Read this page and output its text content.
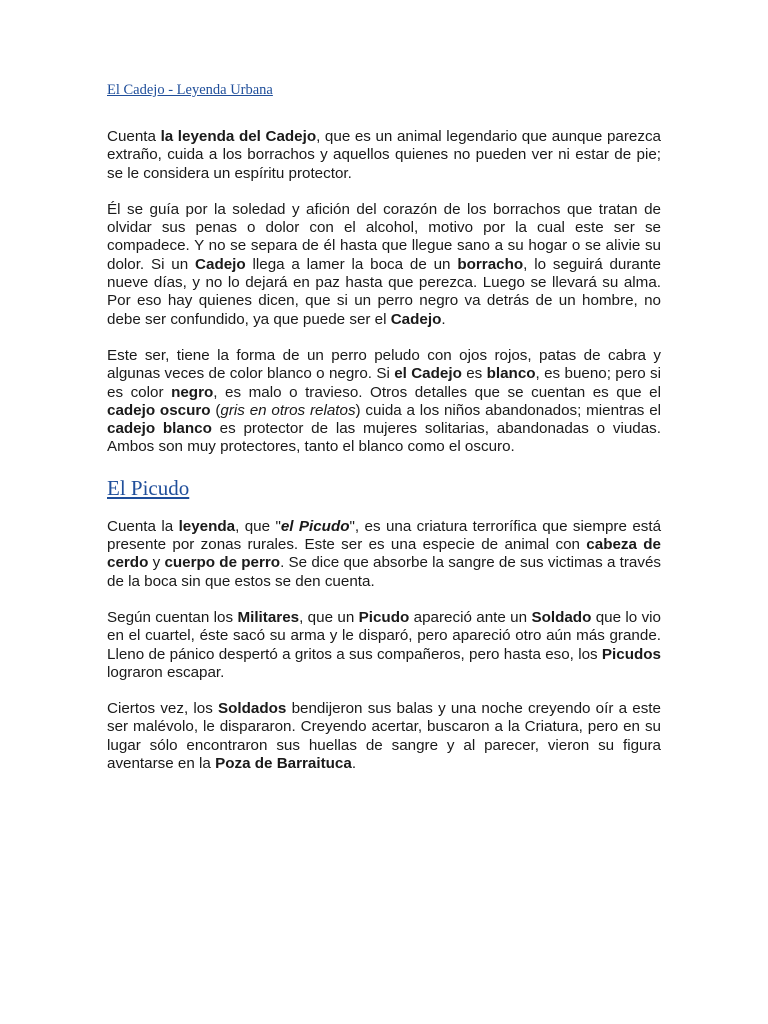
El Cadejo - Leyenda Urbana

Cuenta la leyenda del Cadejo, que es un animal legendario que aunque parezca extraño, cuida a los borrachos y aquellos quienes no pueden ver ni estar de pie; se le considera un espíritu protector.

Él se guía por la soledad y afición del corazón de los borrachos que tratan de olvidar sus penas o dolor con el alcohol, motivo por la cual este ser se compadece. Y no se separa de él hasta que llegue sano a su hogar o se alivie su dolor. Si un Cadejo llega a lamer la boca de un borracho, lo seguirá durante nueve días, y no lo dejará en paz hasta que perezca. Luego se llevará su alma. Por eso hay quienes dicen, que si un perro negro va detrás de un hombre, no debe ser confundido, ya que puede ser el Cadejo.

Este ser, tiene la forma de un perro peludo con ojos rojos, patas de cabra y algunas veces de color blanco o negro. Si el Cadejo es blanco, es bueno; pero si es color negro, es malo o travieso. Otros detalles que se cuentan es que el cadejo oscuro (gris en otros relatos) cuida a los niños abandonados; mientras el cadejo blanco es protector de las mujeres solitarias, abandonadas o viudas. Ambos son muy protectores, tanto el blanco como el oscuro.

El Picudo

Cuenta la leyenda, que "el Picudo", es una criatura terrorífica que siempre está presente por zonas rurales. Este ser es una especie de animal con cabeza de cerdo y cuerpo de perro. Se dice que absorbe la sangre de sus victimas a través de la boca sin que estos se den cuenta.

Según cuentan los Militares, que un Picudo apareció ante un Soldado que lo vio en el cuartel, éste sacó su arma y le disparó, pero apareció otro aún más grande. Lleno de pánico despertó a gritos a sus compañeros, pero hasta eso, los Picudos lograron escapar.

Ciertos vez, los Soldados bendijeron sus balas y una noche creyendo oír a este ser malévolo, le dispararon. Creyendo acertar, buscaron a la Criatura, pero en su lugar sólo encontraron sus huellas de sangre y al parecer, vieron su figura aventarse en la Poza de Barraituca.
